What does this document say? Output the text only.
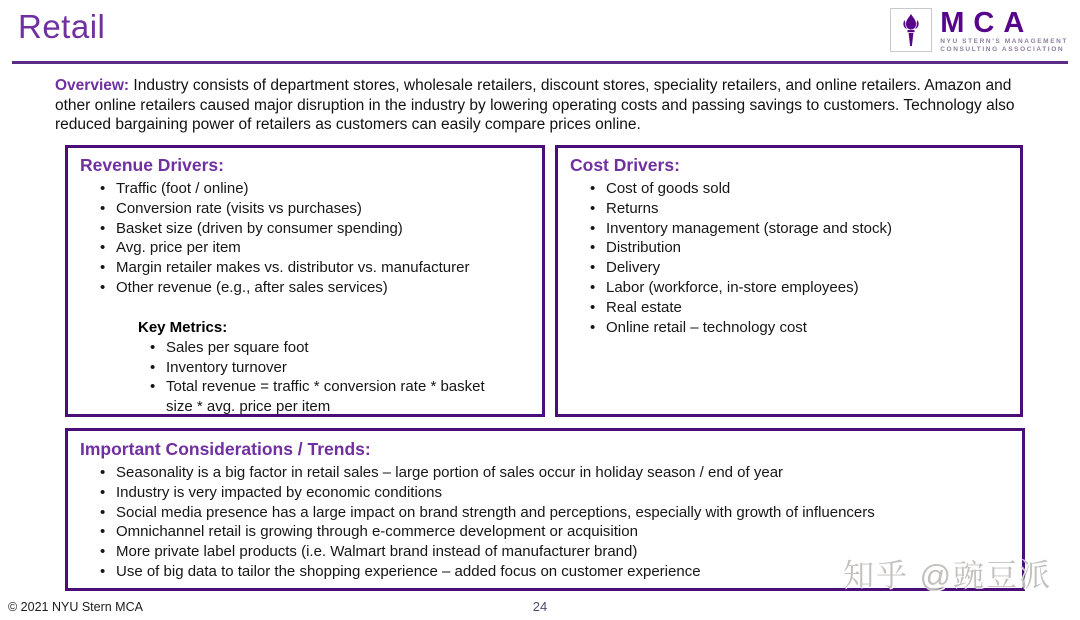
Retail	MCA
NYU STERN'S MANAGEMENT
CONSULTING ASSOCIATION
Overview: Industry consists of department stores, wholesale retailers, discount stores, speciality retailers, and online retailers. Amazon and other online retailers caused major disruption in the industry by lowering operating costs and passing savings to customers. Technology also reduced bargaining power of retailers as customers can easily compare prices online.
Revenue Drivers:
• Traffic (foot / online)
• Conversion rate (visits vs purchases)
• Basket size (driven by consumer spending)
• Avg. price per item
• Margin retailer makes vs. distributor vs. manufacturer
• Other revenue (e.g., after sales services)
Key Metrics:
• Sales per square foot
• Inventory turnover
• Total revenue = traffic * conversion rate * basket size * avg. price per item
Cost Drivers:
• Cost of goods sold
• Returns
• Inventory management (storage and stock)
• Distribution
• Delivery
• Labor (workforce, in-store employees)
• Real estate
• Online retail – technology cost
Important Considerations / Trends:
• Seasonality is a big factor in retail sales – large portion of sales occur in holiday season / end of year
• Industry is very impacted by economic conditions
• Social media presence has a large impact on brand strength and perceptions, especially with growth of influencers
• Omnichannel retail is growing through e-commerce development or acquisition
• More private label products (i.e. Walmart brand instead of manufacturer brand)
• Use of big data to tailor the shopping experience – added focus on customer experience
© 2021 NYU Stern MCA	24
知乎 @豌豆派
